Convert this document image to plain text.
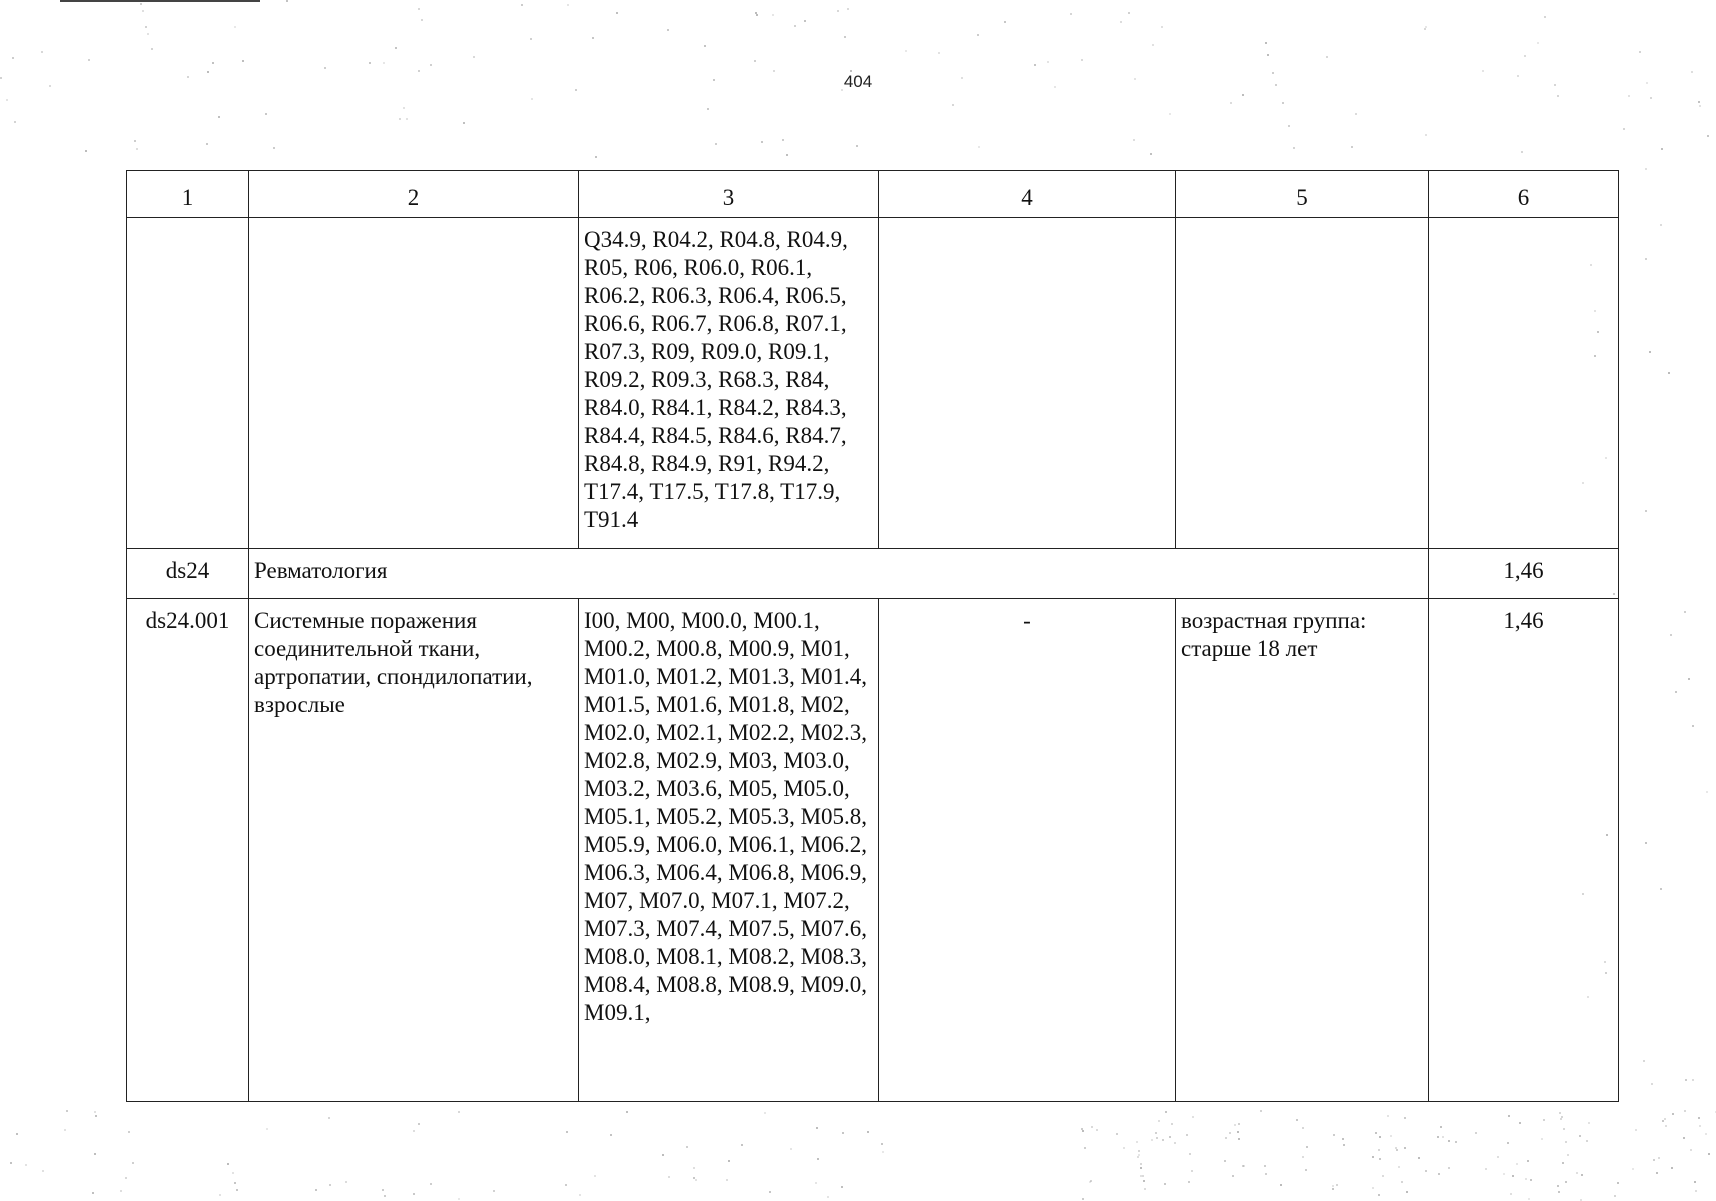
404
1	2	3	4	5	6
		Q34.9, R04.2, R04.8, R04.9, R05, R06, R06.0, R06.1, R06.2, R06.3, R06.4, R06.5, R06.6, R06.7, R06.8, R07.1, R07.3, R09, R09.0, R09.1, R09.2, R09.3, R68.3, R84, R84.0, R84.1, R84.2, R84.3, R84.4, R84.5, R84.6, R84.7, R84.8, R84.9, R91, R94.2, T17.4, T17.5, T17.8, T17.9, T91.4			
ds24	Ревматология				1,46
ds24.001	Системные поражения соединительной ткани, артропатии, спондилопатии, взрослые	I00, M00, M00.0, M00.1, M00.2, M00.8, M00.9, M01, M01.0, M01.2, M01.3, M01.4, M01.5, M01.6, M01.8, M02, M02.0, M02.1, M02.2, M02.3, M02.8, M02.9, M03, M03.0, M03.2, M03.6, M05, M05.0, M05.1, M05.2, M05.3, M05.8, M05.9, M06.0, M06.1, M06.2, M06.3, M06.4, M06.8, M06.9, M07, M07.0, M07.1, M07.2, M07.3, M07.4, M07.5, M07.6, M08.0, M08.1, M08.2, M08.3, M08.4, M08.8, M08.9, M09.0, M09.1,	-	возрастная группа: старше 18 лет	1,46
